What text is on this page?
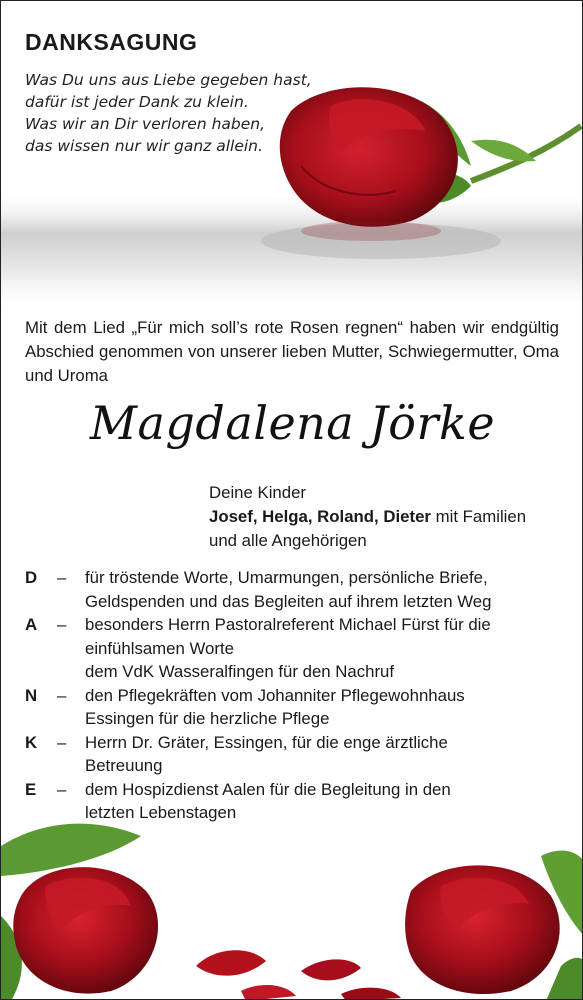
DANKSAGUNG
Was Du uns aus Liebe gegeben hast,
dafür ist jeder Dank zu klein.
Was wir an Dir verloren haben,
das wissen nur wir ganz allein.
Mit dem Lied „Für mich soll’s rote Rosen regnen“ haben wir endgültig Abschied genommen von unserer lieben Mutter, Schwiegermutter, Oma und Uroma
Magdalena Jörke
Deine Kinder
Josef, Helga, Roland, Dieter mit Familien
und alle Angehörigen
D	–	für tröstende Worte, Umarmungen, persönliche Briefe,
Geldspenden und das Begleiten auf ihrem letzten Weg
A	–	besonders Herrn Pastoralreferent Michael Fürst für die
einfühlsamen Worte
dem VdK Wasseralfingen für den Nachruf
N	–	den Pflegekräften vom Johanniter Pflegewohnhaus
Essingen für die herzliche Pflege
K	–	Herrn Dr. Gräter, Essingen, für die enge ärztliche
Betreuung
E	–	dem Hospizdienst Aalen für die Begleitung in den
letzten Lebenstagen
